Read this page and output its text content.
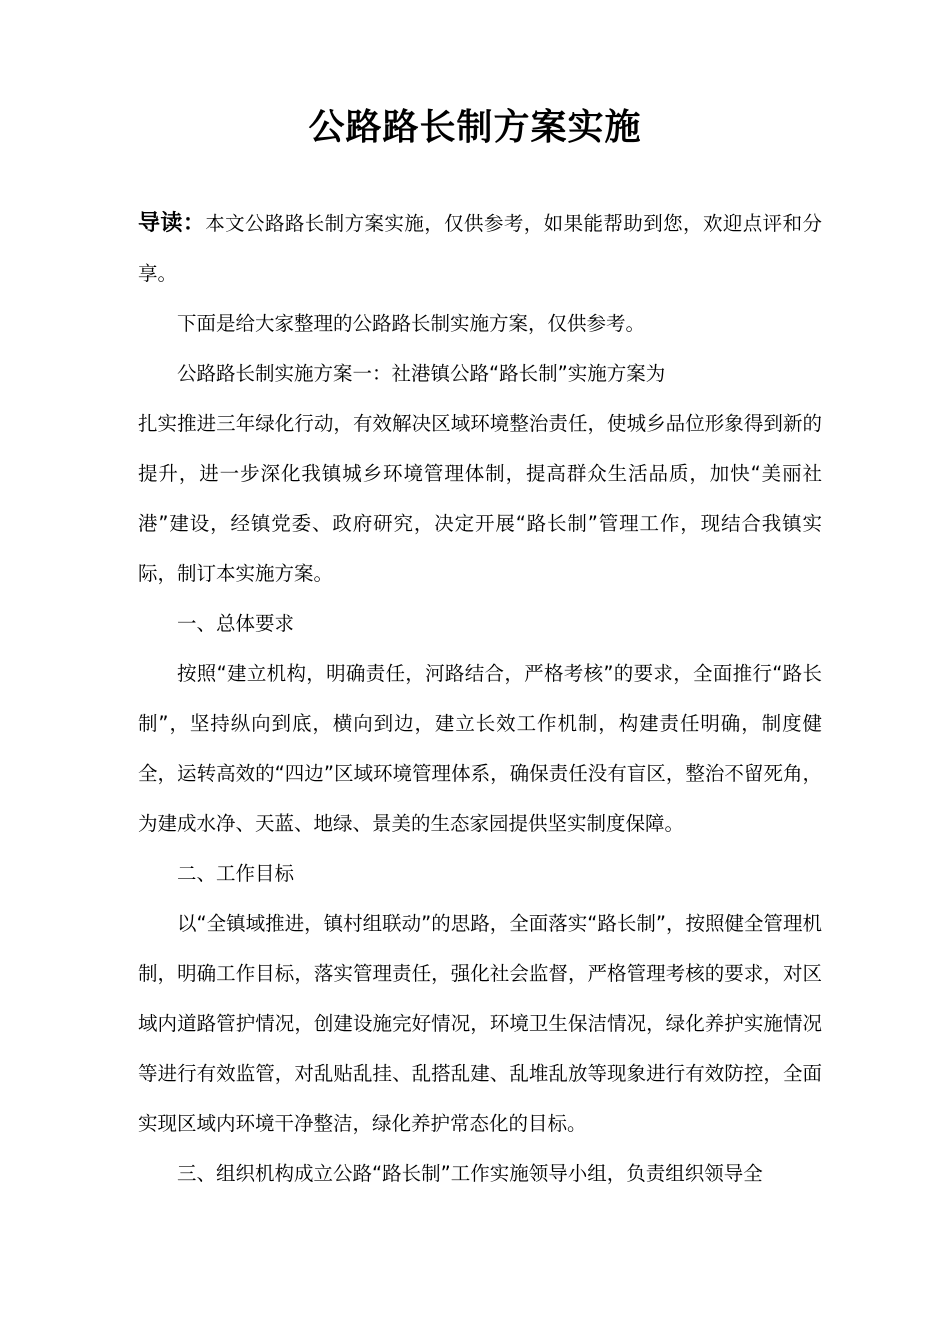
公路路长制方案实施

导读：本文公路路长制方案实施，仅供参考，如果能帮助到您，欢迎点评和分享。

下面是给大家整理的公路路长制实施方案，仅供参考。

公路路长制实施方案一：社港镇公路“路长制”实施方案为

扎实推进三年绿化行动，有效解决区域环境整治责任，使城乡品位形象得到新的提升，进一步深化我镇城乡环境管理体制，提高群众生活品质，加快“美丽社港”建设，经镇党委、政府研究，决定开展“路长制”管理工作，现结合我镇实际，制订本实施方案。

一、总体要求

按照“建立机构，明确责任，河路结合，严格考核”的要求，全面推行“路长制”，坚持纵向到底，横向到边，建立长效工作机制，构建责任明确，制度健全，运转高效的“四边”区域环境管理体系，确保责任没有盲区，整治不留死角，为建成水净、天蓝、地绿、景美的生态家园提供坚实制度保障。

二、工作目标

以“全镇域推进，镇村组联动”的思路，全面落实“路长制”，按照健全管理机制，明确工作目标，落实管理责任，强化社会监督，严格管理考核的要求，对区域内道路管护情况，创建设施完好情况，环境卫生保洁情况，绿化养护实施情况等进行有效监管，对乱贴乱挂、乱搭乱建、乱堆乱放等现象进行有效防控，全面实现区域内环境干净整洁，绿化养护常态化的目标。

三、组织机构成立公路“路长制”工作实施领导小组，负责组织领导全
